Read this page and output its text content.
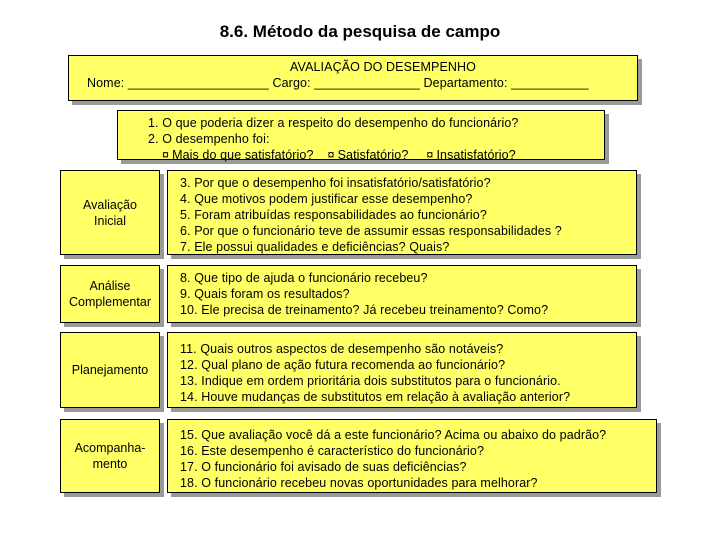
8.6. Método da pesquisa de campo
AVALIAÇÃO DO DESEMPENHO
Nome: ____________________ Cargo: _______________ Departamento: ___________
1. O que poderia dizer a respeito do desempenho do funcionário?
2. O desempenho foi:
¤ Mais do que satisfatório? ¤ Satisfatório? ¤ Insatisfatório?
Avaliação
Inicial
3. Por que o desempenho foi insatisfatório/satisfatório?
4. Que motivos podem justificar esse desempenho?
5. Foram atribuídas responsabilidades ao funcionário?
6. Por que o funcionário teve de assumir essas responsabilidades ?
7. Ele possui qualidades e deficiências? Quais?
Análise
Complementar
8. Que tipo de ajuda o funcionário recebeu?
9. Quais foram os resultados?
10. Ele precisa de treinamento? Já recebeu treinamento? Como?
Planejamento
11. Quais outros aspectos de desempenho são notáveis?
12. Qual plano de ação futura recomenda ao funcionário?
13. Indique em ordem prioritária dois substitutos para o funcionário.
14. Houve mudanças de substitutos em relação à avaliação anterior?
Acompanha-
mento
15. Que avaliação você dá a este funcionário? Acima ou abaixo do padrão?
16. Este desempenho é característico do funcionário?
17. O funcionário foi avisado de suas deficiências?
18. O funcionário recebeu novas oportunidades para melhorar?
